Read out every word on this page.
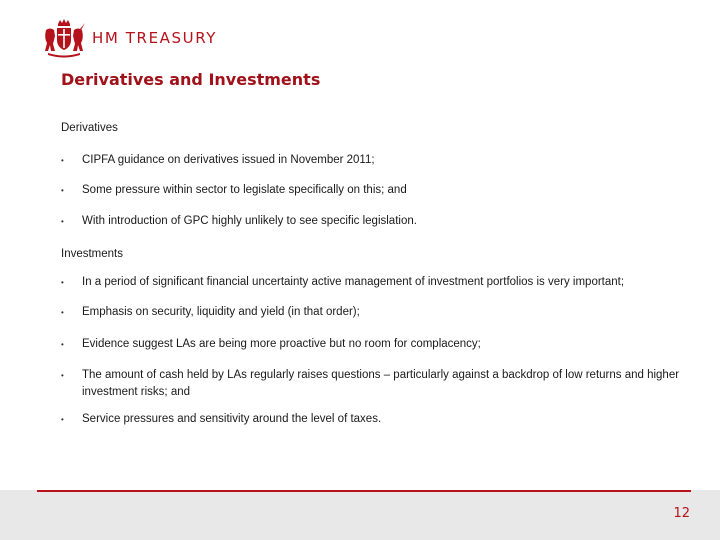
HM TREASURY
Derivatives and Investments

Derivatives

•	CIPFA guidance on derivatives issued in November 2011;
•	Some pressure within sector to legislate specifically on this; and
•	With introduction of GPC highly unlikely to see specific legislation.

Investments

•	In a period of significant financial uncertainty active management of investment portfolios is very important;
•	Emphasis on security, liquidity and yield (in that order);
•	Evidence suggest LAs are being more proactive but no room for complacency;
•	The amount of cash held by LAs regularly raises questions – particularly against a backdrop of low returns and higher investment risks; and
•	Service pressures and sensitivity around the level of taxes.
12
